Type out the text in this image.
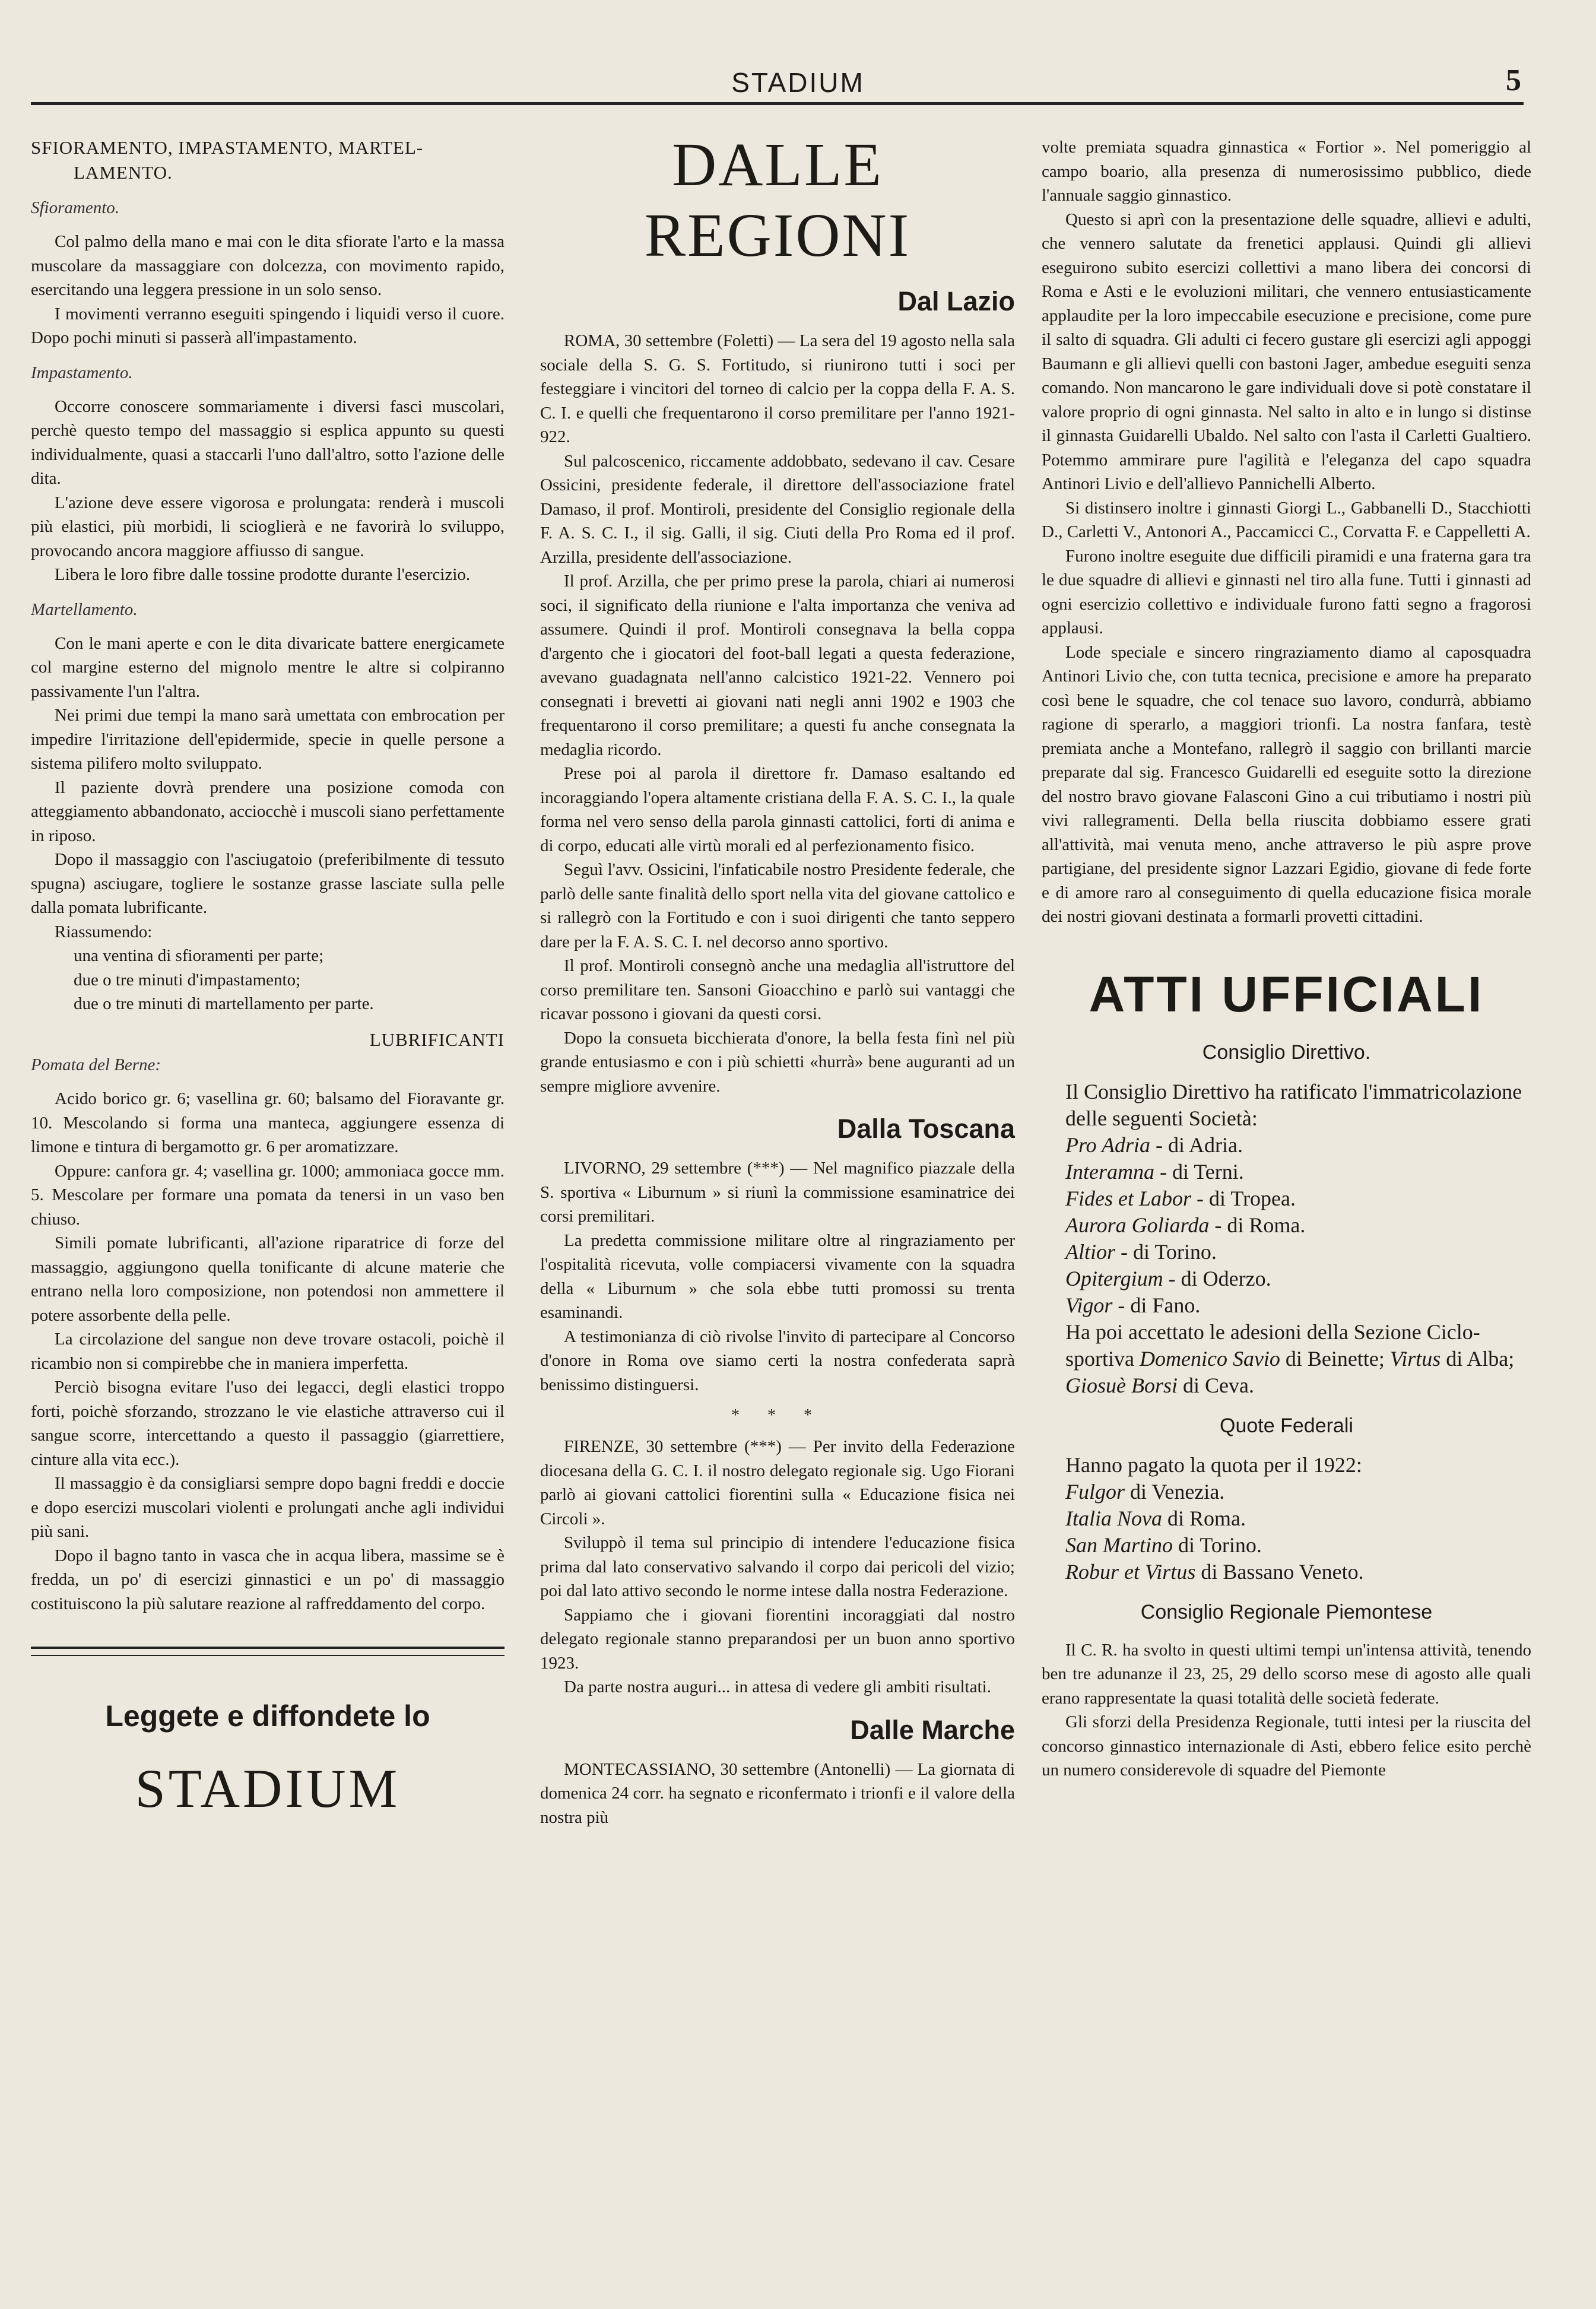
STADIUM	5

SFIORAMENTO, IMPASTAMENTO, MARTEL-

LAMENTO.

Sfioramento.

Col palmo della mano e mai con le dita sfiorate l'arto e la massa muscolare da massaggiare con dolcezza, con movimento rapido, esercitando una leggera pressione in un solo senso.

I movimenti verranno eseguiti spingendo i liquidi verso il cuore. Dopo pochi minuti si passerà all'impastamento.

Impastamento.

Occorre conoscere sommariamente i diversi fasci muscolari, perchè questo tempo del massaggio si esplica appunto su questi individualmente, quasi a staccarli l'uno dall'altro, sotto l'azione delle dita.

L'azione deve essere vigorosa e prolungata: renderà i muscoli più elastici, più morbidi, li scioglierà e ne favorirà lo sviluppo, provocando ancora maggiore affiusso di sangue.

Libera le loro fibre dalle tossine prodotte durante l'esercizio.

Martellamento.

Con le mani aperte e con le dita divaricate battere energicamete col margine esterno del mignolo mentre le altre si colpiranno passivamente l'un l'altra.

Nei primi due tempi la mano sarà umettata con embrocation per impedire l'irritazione dell'epidermide, specie in quelle persone a sistema pilifero molto sviluppato.

Il paziente dovrà prendere una posizione comoda con atteggiamento abbandonato, acciocchè i muscoli siano perfettamente in riposo.

Dopo il massaggio con l'asciugatoio (preferibilmente di tessuto spugna) asciugare, togliere le sostanze grasse lasciate sulla pelle dalla pomata lubrificante.

Riassumendo:

una ventina di sfioramenti per parte;

due o tre minuti d'impastamento;

due o tre minuti di martellamento per parte.

LUBRIFICANTI

Pomata del Berne:

Acido borico gr. 6; vasellina gr. 60; balsamo del Fioravante gr. 10. Mescolando si forma una manteca, aggiungere essenza di limone e tintura di bergamotto gr. 6 per aromatizzare.

Oppure: canfora gr. 4; vasellina gr. 1000; ammoniaca gocce mm. 5. Mescolare per formare una pomata da tenersi in un vaso ben chiuso.

Simili pomate lubrificanti, all'azione riparatrice di forze del massaggio, aggiungono quella tonificante di alcune materie che entrano nella loro composizione, non potendosi non ammettere il potere assorbente della pelle.

La circolazione del sangue non deve trovare ostacoli, poichè il ricambio non si compirebbe che in maniera imperfetta.

Perciò bisogna evitare l'uso dei legacci, degli elastici troppo forti, poichè sforzando, strozzano le vie elastiche attraverso cui il sangue scorre, intercettando a questo il passaggio (giarrettiere, cinture alla vita ecc.).

Il massaggio è da consigliarsi sempre dopo bagni freddi e doccie e dopo esercizi muscolari violenti e prolungati anche agli individui più sani.

Dopo il bagno tanto in vasca che in acqua libera, massime se è fredda, un po' di esercizi ginnastici e un po' di massaggio costituiscono la più salutare reazione al raffreddamento del corpo.

Leggete e diffondete lo

STADIUM

DALLE REGIONI

Dal Lazio

ROMA, 30 settembre (Foletti) — La sera del 19 agosto nella sala sociale della S. G. S. Fortitudo, si riunirono tutti i soci per festeggiare i vincitori del torneo di calcio per la coppa della F. A. S. C. I. e quelli che frequentarono il corso premilitare per l'anno 1921-922.

Sul palcoscenico, riccamente addobbato, sedevano il cav. Cesare Ossicini, presidente federale, il direttore dell'associazione fratel Damaso, il prof. Montiroli, presidente del Consiglio regionale della F. A. S. C. I., il sig. Galli, il sig. Ciuti della Pro Roma ed il prof. Arzilla, presidente dell'associazione.

Il prof. Arzilla, che per primo prese la parola, chiari ai numerosi soci, il significato della riunione e l'alta importanza che veniva ad assumere. Quindi il prof. Montiroli consegnava la bella coppa d'argento che i giocatori del foot-ball legati a questa federazione, avevano guadagnata nell'anno calcistico 1921-22. Vennero poi consegnati i brevetti ai giovani nati negli anni 1902 e 1903 che frequentarono il corso premilitare; a questi fu anche consegnata la medaglia ricordo.

Prese poi al parola il direttore fr. Damaso esaltando ed incoraggiando l'opera altamente cristiana della F. A. S. C. I., la quale forma nel vero senso della parola ginnasti cattolici, forti di anima e di corpo, educati alle virtù morali ed al perfezionamento fisico.

Seguì l'avv. Ossicini, l'infaticabile nostro Presidente federale, che parlò delle sante finalità dello sport nella vita del giovane cattolico e si rallegrò con la Fortitudo e con i suoi dirigenti che tanto seppero dare per la F. A. S. C. I. nel decorso anno sportivo.

Il prof. Montiroli consegnò anche una medaglia all'istruttore del corso premilitare ten. Sansoni Gioacchino e parlò sui vantaggi che ricavar possono i giovani da questi corsi.

Dopo la consueta bicchierata d'onore, la bella festa finì nel più grande entusiasmo e con i più schietti «hurrà» bene auguranti ad un sempre migliore avvenire.

Dalla Toscana

LIVORNO, 29 settembre (***) — Nel magnifico piazzale della S. sportiva « Liburnum » si riunì la commissione esaminatrice dei corsi premilitari.

La predetta commissione militare oltre al ringraziamento per l'ospitalità ricevuta, volle compiacersi vivamente con la squadra della « Liburnum » che sola ebbe tutti promossi su trenta esaminandi.

A testimonianza di ciò rivolse l'invito di partecipare al Concorso d'onore in Roma ove siamo certi la nostra confederata saprà benissimo distinguersi.

* * *

FIRENZE, 30 settembre (***) — Per invito della Federazione diocesana della G. C. I. il nostro delegato regionale sig. Ugo Fiorani parlò ai giovani cattolici fiorentini sulla « Educazione fisica nei Circoli ».

Sviluppò il tema sul principio di intendere l'educazione fisica prima dal lato conservativo salvando il corpo dai pericoli del vizio; poi dal lato attivo secondo le norme intese dalla nostra Federazione.

Sappiamo che i giovani fiorentini incoraggiati dal nostro delegato regionale stanno preparandosi per un buon anno sportivo 1923.

Da parte nostra auguri... in attesa di vedere gli ambiti risultati.

Dalle Marche

MONTECASSIANO, 30 settembre (Antonelli) — La giornata di domenica 24 corr. ha segnato e riconfermato i trionfi e il valore della nostra più

volte premiata squadra ginnastica « Fortior ». Nel pomeriggio al campo boario, alla presenza di numerosissimo pubblico, diede l'annuale saggio ginnastico.

Questo si aprì con la presentazione delle squadre, allievi e adulti, che vennero salutate da frenetici applausi. Quindi gli allievi eseguirono subito esercizi collettivi a mano libera dei concorsi di Roma e Asti e le evoluzioni militari, che vennero entusiasticamente applaudite per la loro impeccabile esecuzione e precisione, come pure il salto di squadra. Gli adulti ci fecero gustare gli esercizi agli appoggi Baumann e gli allievi quelli con bastoni Jager, ambedue eseguiti senza comando. Non mancarono le gare individuali dove si potè constatare il valore proprio di ogni ginnasta. Nel salto in alto e in lungo si distinse il ginnasta Guidarelli Ubaldo. Nel salto con l'asta il Carletti Gualtiero. Potemmo ammirare pure l'agilità e l'eleganza del capo squadra Antinori Livio e dell'allievo Pannichelli Alberto.

Si distinsero inoltre i ginnasti Giorgi L., Gabbanelli D., Stacchiotti D., Carletti V., Antonori A., Paccamicci C., Corvatta F. e Cappelletti A.

Furono inoltre eseguite due difficili piramidi e una fraterna gara tra le due squadre di allievi e ginnasti nel tiro alla fune. Tutti i ginnasti ad ogni esercizio collettivo e individuale furono fatti segno a fragorosi applausi.

Lode speciale e sincero ringraziamento diamo al caposquadra Antinori Livio che, con tutta tecnica, precisione e amore ha preparato così bene le squadre, che col tenace suo lavoro, condurrà, abbiamo ragione di sperarlo, a maggiori trionfi. La nostra fanfara, testè premiata anche a Montefano, rallegrò il saggio con brillanti marcie preparate dal sig. Francesco Guidarelli ed eseguite sotto la direzione del nostro bravo giovane Falasconi Gino a cui tributiamo i nostri più vivi rallegramenti. Della bella riuscita dobbiamo essere grati all'attività, mai venuta meno, anche attraverso le più aspre prove partigiane, del presidente signor Lazzari Egidio, giovane di fede forte e di amore raro al conseguimento di quella educazione fisica morale dei nostri giovani destinata a formarli provetti cittadini.

ATTI UFFICIALI

Consiglio Direttivo.

Il Consiglio Direttivo ha ratificato l'immatricolazione delle seguenti Società:

Pro Adria - di Adria.

Interamna - di Terni.

Fides et Labor - di Tropea.

Aurora Goliarda - di Roma.

Altior - di Torino.

Opitergium - di Oderzo.

Vigor - di Fano.

Ha poi accettato le adesioni della Sezione Ciclo-sportiva Domenico Savio di Beinette; Virtus di Alba; Giosuè Borsi di Ceva.

Quote Federali

Hanno pagato la quota per il 1922:

Fulgor di Venezia.

Italia Nova di Roma.

San Martino di Torino.

Robur et Virtus di Bassano Veneto.

Consiglio Regionale Piemontese

Il C. R. ha svolto in questi ultimi tempi un'intensa attività, tenendo ben tre adunanze il 23, 25, 29 dello scorso mese di agosto alle quali erano rappresentate la quasi totalità delle società federate.

Gli sforzi della Presidenza Regionale, tutti intesi per la riuscita del concorso ginnastico internazionale di Asti, ebbero felice esito perchè un numero considerevole di squadre del Piemonte
